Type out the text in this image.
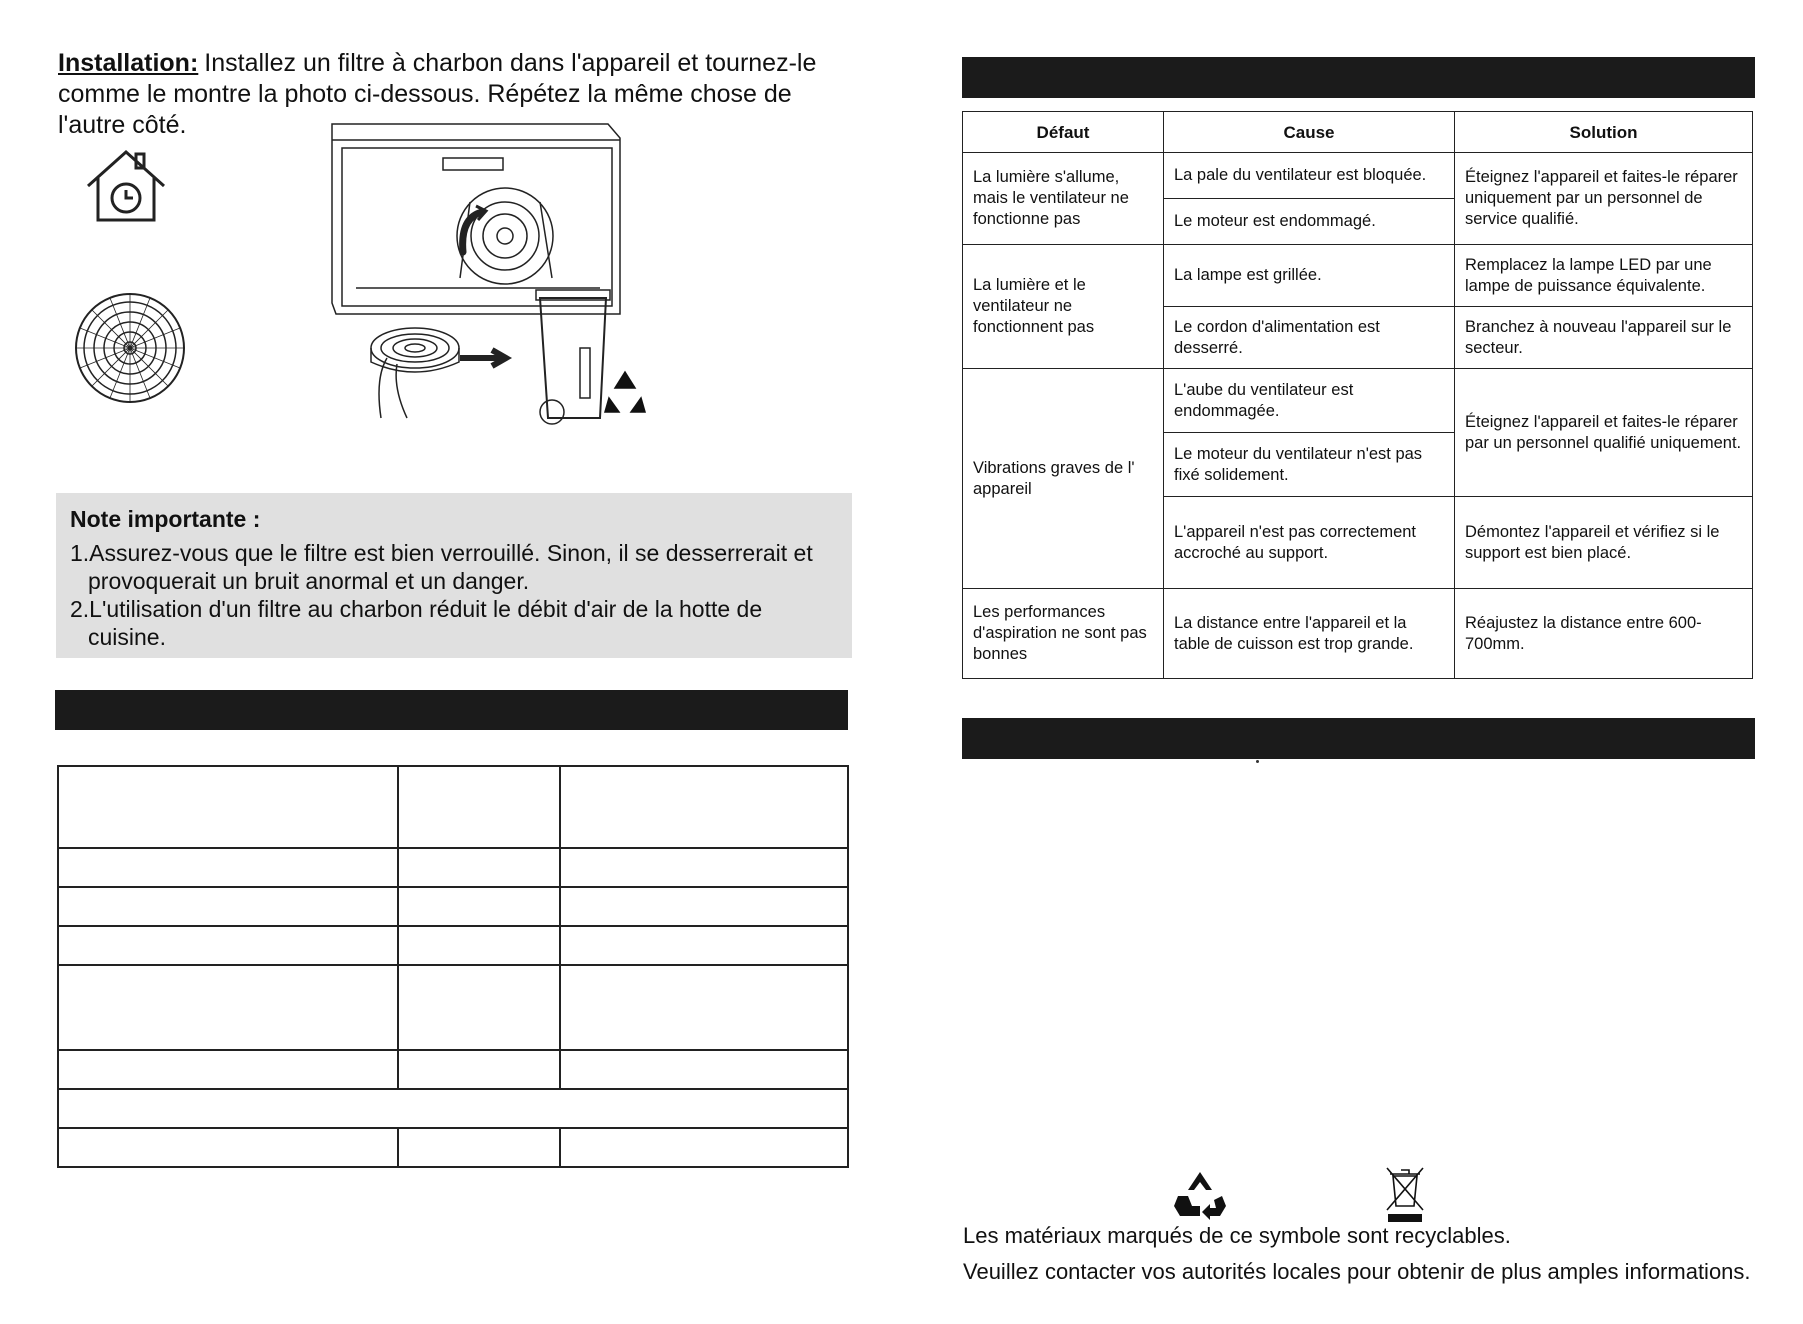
Installation: Installez un filtre à charbon dans l'appareil et tournez-le comme le montre la photo ci-dessous. Répétez la même chose de l'autre côté.
Note importante :
1.Assurez-vous que le filtre est bien verrouillé. Sinon, il se desserrerait et provoquerait un bruit anormal et un danger.
2.L'utilisation d'un filtre au charbon réduit le débit d'air de la hotte de cuisine.

Défaut	Cause	Solution
La lumière s'allume, mais le ventilateur ne fonctionne pas	La pale du ventilateur est bloquée.	Éteignez l'appareil et faites-le réparer uniquement par un personnel de service qualifié.
	Le moteur est endommagé.	
La lumière et le ventilateur ne fonctionnent pas	La lampe est grillée.	Remplacez la lampe LED par une lampe de puissance équivalente.
	Le cordon d'alimentation est desserré.	Branchez à nouveau l'appareil sur le secteur.
Vibrations graves de l' appareil	L'aube du ventilateur est endommagée.	Éteignez l'appareil et faites-le réparer par un personnel qualifié uniquement.
	Le moteur du ventilateur n'est pas fixé solidement.	
	L'appareil n'est pas correctement accroché au support.	Démontez l'appareil et vérifiez si le support est bien placé.
Les performances d'aspiration ne sont pas bonnes	La distance entre l'appareil et la table de cuisson est trop grande.	Réajustez la distance entre 600-700mm.
Les matériaux marqués de ce symbole sont recyclables.
Veuillez contacter vos autorités locales pour obtenir de plus amples informations.
